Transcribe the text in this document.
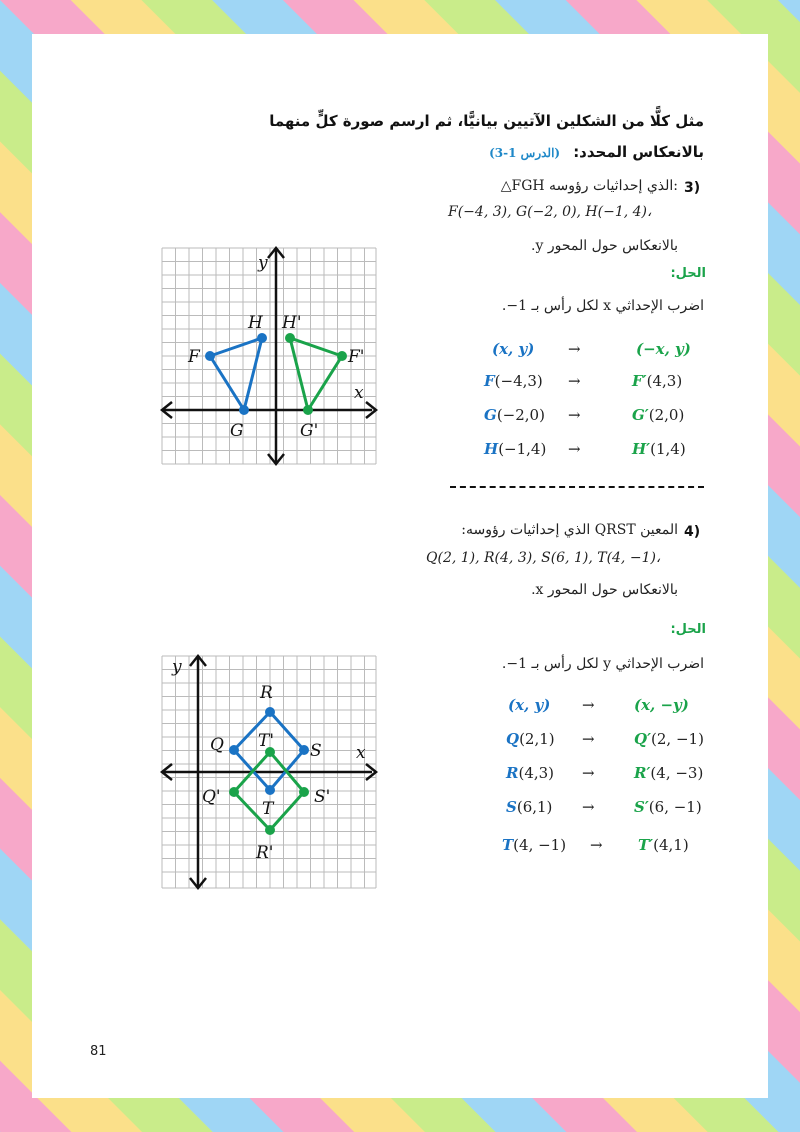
مثل كلًّا من الشكلين الآتيين بيانيًّا، ثم ارسم صورة كلٍّ منهما
بالانعكاس المحدد: (الدرس 1-3)
3)
△FGH الذي إحداثيات رؤوسه:
F(−4, 3), G(−2, 0), H(−1, 4)،
بالانعكاس حول المحور y.
الحل:
اضرب الإحداثي x لكل رأس بـ 1−.
(x, y) →	(−x, y)
F(−4,3) →	F′(4,3)
G(−2,0) →	G′(2,0)
H(−1,4) →	H′(1,4)
y
x
F
G
H
F'
G'
H'
4)
المعين QRST الذي إحداثيات رؤوسه:
Q(2, 1), R(4, 3), S(6, 1), T(4, −1)،
بالانعكاس حول المحور x.
الحل:
اضرب الإحداثي y لكل رأس بـ 1−.
(x, y) →	(x, −y)
Q(2,1) →	Q′(2, −1)
R(4,3) →	R′(4, −3)
S(6,1) →	S′(6, −1)
T(4, −1) → T′(4,1)
y
x
Q
R
S
T
Q'
R'
S'
T'
81
